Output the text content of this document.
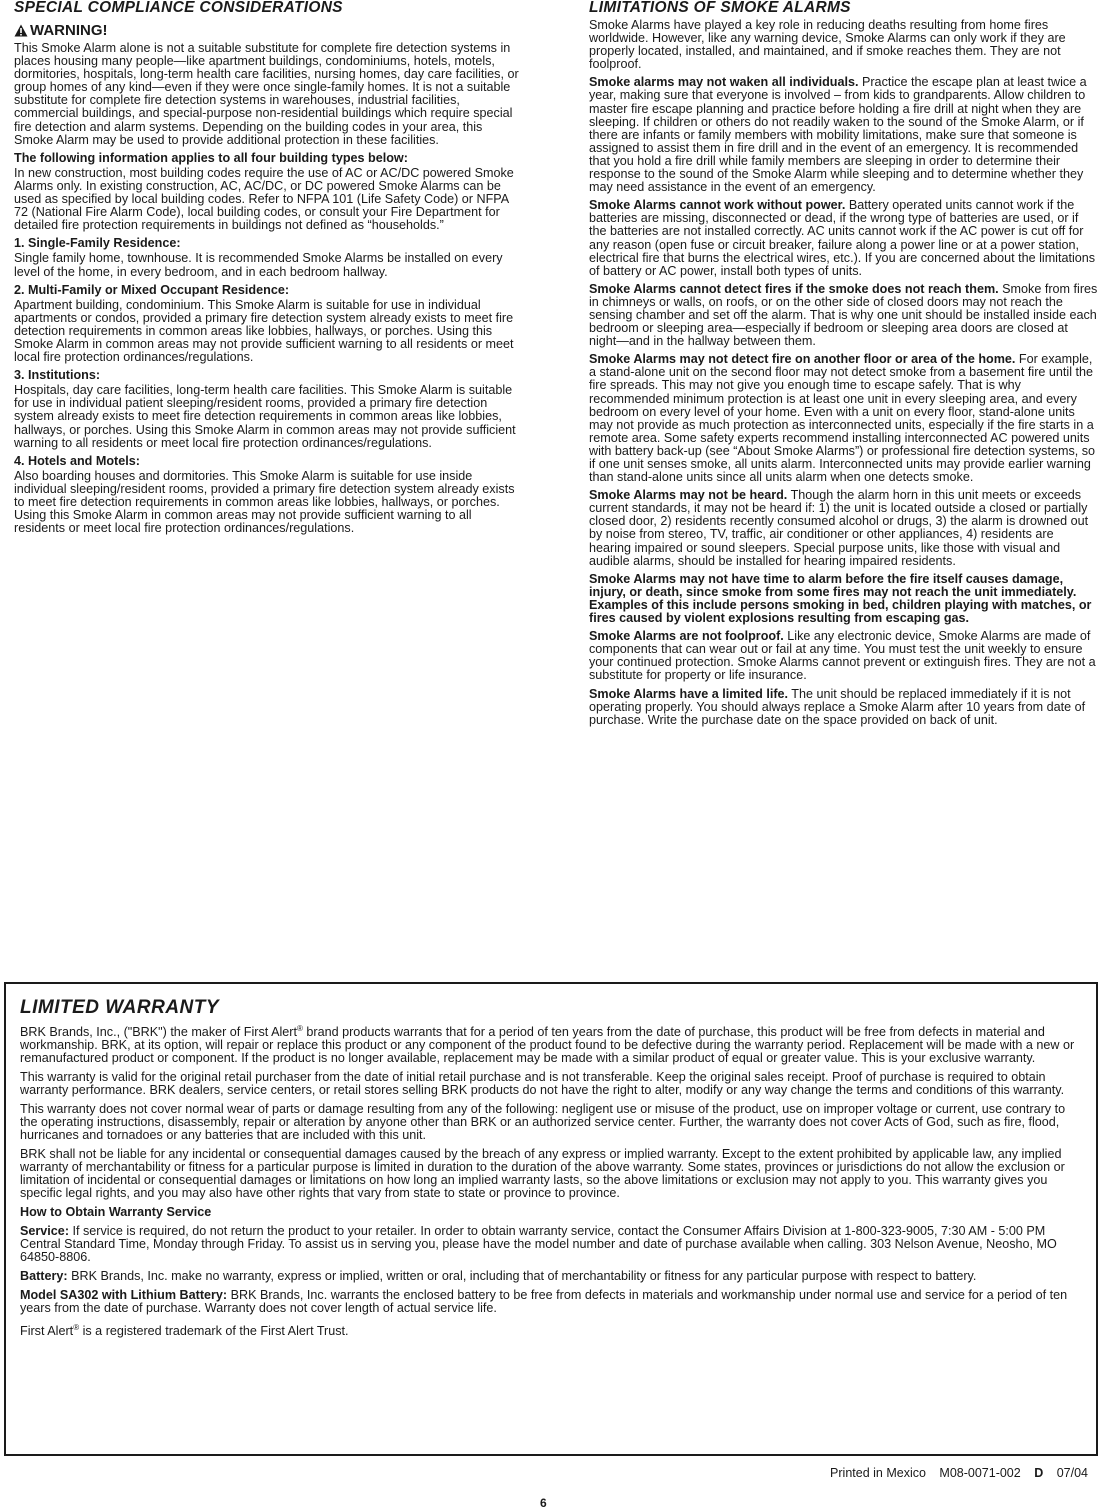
SPECIAL COMPLIANCE CONSIDERATIONS
WARNING!

This Smoke Alarm alone is not a suitable substitute for complete fire detection systems in places housing many people—like apartment buildings, condominiums, hotels, motels, dormitories, hospitals, long-term health care facilities, nursing homes, day care facilities, or group homes of any kind—even if they were once single-family homes. It is not a suitable substitute for complete fire detection systems in warehouses, industrial facilities, commercial buildings, and special-purpose non-residential buildings which require special fire detection and alarm systems. Depending on the building codes in your area, this Smoke Alarm may be used to provide additional protection in these facilities.

The following information applies to all four building types below:

In new construction, most building codes require the use of AC or AC/DC powered Smoke Alarms only. In existing construction, AC, AC/DC, or DC powered Smoke Alarms can be used as specified by local building codes. Refer to NFPA 101 (Life Safety Code) or NFPA 72 (National Fire Alarm Code), local building codes, or consult your Fire Department for detailed fire protection requirements in buildings not defined as “households.”

1. Single-Family Residence:

Single family home, townhouse. It is recommended Smoke Alarms be installed on every level of the home, in every bedroom, and in each bedroom hallway.

2. Multi-Family or Mixed Occupant Residence:

Apartment building, condominium. This Smoke Alarm is suitable for use in individual apartments or condos, provided a primary fire detection system already exists to meet fire detection requirements in common areas like lobbies, hallways, or porches. Using this Smoke Alarm in common areas may not provide sufficient warning to all residents or meet local fire protection ordinances/regulations.

3. Institutions:

Hospitals, day care facilities, long-term health care facilities. This Smoke Alarm is suitable for use in individual patient sleeping/resident rooms, provided a primary fire detection system already exists to meet fire detection requirements in common areas like lobbies, hallways, or porches. Using this Smoke Alarm in common areas may not provide sufficient warning to all residents or meet local fire protection ordinances/regulations.

4. Hotels and Motels:

Also boarding houses and dormitories. This Smoke Alarm is suitable for use inside individual sleeping/resident rooms, provided a primary fire detection system already exists to meet fire detection requirements in common areas like lobbies, hallways, or porches. Using this Smoke Alarm in common areas may not provide sufficient warning to all residents or meet local fire protection ordinances/regulations.

LIMITATIONS OF SMOKE ALARMS

Smoke Alarms have played a key role in reducing deaths resulting from home fires worldwide. However, like any warning device, Smoke Alarms can only work if they are properly located, installed, and maintained, and if smoke reaches them. They are not foolproof.

Smoke alarms may not waken all individuals. Practice the escape plan at least twice a year, making sure that everyone is involved – from kids to grandparents. Allow children to master fire escape planning and practice before holding a fire drill at night when they are sleeping. If children or others do not readily waken to the sound of the Smoke Alarm, or if there are infants or family members with mobility limitations, make sure that someone is assigned to assist them in fire drill and in the event of an emergency. It is recommended that you hold a fire drill while family members are sleeping in order to determine their response to the sound of the Smoke Alarm while sleeping and to determine whether they may need assistance in the event of an emergency.

Smoke Alarms cannot work without power. Battery operated units cannot work if the batteries are missing, disconnected or dead, if the wrong type of batteries are used, or if the batteries are not installed correctly. AC units cannot work if the AC power is cut off for any reason (open fuse or circuit breaker, failure along a power line or at a power station, electrical fire that burns the electrical wires, etc.). If you are concerned about the limitations of battery or AC power, install both types of units.

Smoke Alarms cannot detect fires if the smoke does not reach them. Smoke from fires in chimneys or walls, on roofs, or on the other side of closed doors may not reach the sensing chamber and set off the alarm. That is why one unit should be installed inside each bedroom or sleeping area—especially if bedroom or sleeping area doors are closed at night—and in the hallway between them.

Smoke Alarms may not detect fire on another floor or area of the home. For example, a stand-alone unit on the second floor may not detect smoke from a basement fire until the fire spreads. This may not give you enough time to escape safely. That is why recommended minimum protection is at least one unit in every sleeping area, and every bedroom on every level of your home. Even with a unit on every floor, stand-alone units may not provide as much protection as interconnected units, especially if the fire starts in a remote area. Some safety experts recommend installing interconnected AC powered units with battery back-up (see “About Smoke Alarms”) or professional fire detection systems, so if one unit senses smoke, all units alarm. Interconnected units may provide earlier warning than stand-alone units since all units alarm when one detects smoke.

Smoke Alarms may not be heard. Though the alarm horn in this unit meets or exceeds current standards, it may not be heard if: 1) the unit is located outside a closed or partially closed door, 2) residents recently consumed alcohol or drugs, 3) the alarm is drowned out by noise from stereo, TV, traffic, air conditioner or other appliances, 4) residents are hearing impaired or sound sleepers. Special purpose units, like those with visual and audible alarms, should be installed for hearing impaired residents.

Smoke Alarms may not have time to alarm before the fire itself causes damage, injury, or death, since smoke from some fires may not reach the unit immediately. Examples of this include persons smoking in bed, children playing with matches, or fires caused by violent explosions resulting from escaping gas.

Smoke Alarms are not foolproof. Like any electronic device, Smoke Alarms are made of components that can wear out or fail at any time. You must test the unit weekly to ensure your continued protection. Smoke Alarms cannot prevent or extinguish fires. They are not a substitute for property or life insurance.

Smoke Alarms have a limited life. The unit should be replaced immediately if it is not operating properly. You should always replace a Smoke Alarm after 10 years from date of purchase. Write the purchase date on the space provided on back of unit.

LIMITED WARRANTY

BRK Brands, Inc., ("BRK") the maker of First Alert® brand products warrants that for a period of ten years from the date of purchase, this product will be free from defects in material and workmanship. BRK, at its option, will repair or replace this product or any component of the product found to be defective during the warranty period. Replacement will be made with a new or remanufactured product or component. If the product is no longer available, replacement may be made with a similar product of equal or greater value. This is your exclusive warranty.

This warranty is valid for the original retail purchaser from the date of initial retail purchase and is not transferable. Keep the original sales receipt. Proof of purchase is required to obtain warranty performance. BRK dealers, service centers, or retail stores selling BRK products do not have the right to alter, modify or any way change the terms and conditions of this warranty.

This warranty does not cover normal wear of parts or damage resulting from any of the following: negligent use or misuse of the product, use on improper voltage or current, use contrary to the operating instructions, disassembly, repair or alteration by anyone other than BRK or an authorized service center. Further, the warranty does not cover Acts of God, such as fire, flood, hurricanes and tornadoes or any batteries that are included with this unit.

BRK shall not be liable for any incidental or consequential damages caused by the breach of any express or implied warranty. Except to the extent prohibited by applicable law, any implied warranty of merchantability or fitness for a particular purpose is limited in duration to the duration of the above warranty. Some states, provinces or jurisdictions do not allow the exclusion or limitation of incidental or consequential damages or limitations on how long an implied warranty lasts, so the above limitations or exclusion may not apply to you. This warranty gives you specific legal rights, and you may also have other rights that vary from state to state or province to province.

How to Obtain Warranty Service

Service: If service is required, do not return the product to your retailer. In order to obtain warranty service, contact the Consumer Affairs Division at 1-800-323-9005, 7:30 AM - 5:00 PM Central Standard Time, Monday through Friday. To assist us in serving you, please have the model number and date of purchase available when calling. 303 Nelson Avenue, Neosho, MO 64850-8806.

Battery: BRK Brands, Inc. make no warranty, express or implied, written or oral, including that of merchantability or fitness for any particular purpose with respect to battery.

Model SA302 with Lithium Battery: BRK Brands, Inc. warrants the enclosed battery to be free from defects in materials and workmanship under normal use and service for a period of ten years from the date of purchase. Warranty does not cover length of actual service life.

First Alert® is a registered trademark of the First Alert Trust.

Printed in Mexico M08-0071-002 D 07/04
6
